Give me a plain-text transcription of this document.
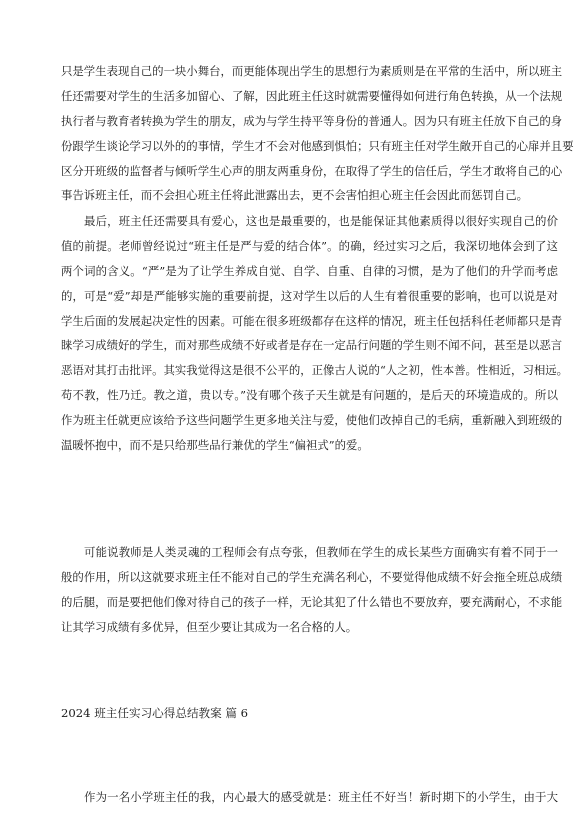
只是学生表现自己的一块小舞台，而更能体现出学生的思想行为素质则是在平常的生活中，所以班主
任还需要对学生的生活多加留心、了解，因此班主任这时就需要懂得如何进行角色转换，从一个法规
执行者与教育者转换为学生的朋友，成为与学生持平等身份的普通人。因为只有班主任放下自己的身
份跟学生谈论学习以外的的事情，学生才不会对他感到惧怕；只有班主任对学生敞开自己的心扉并且要
区分开班级的监督者与倾听学生心声的朋友两重身份，在取得了学生的信任后，学生才敢将自己的心
事告诉班主任，而不会担心班主任将此泄露出去，更不会害怕担心班主任会因此而惩罚自己。
最后，班主任还需要具有爱心，这也是最重要的，也是能保证其他素质得以很好实现自己的价
值的前提。老师曾经说过“班主任是严与爱的结合体”。的确，经过实习之后，我深切地体会到了这
两个词的含义。“严”是为了让学生养成自觉、自学、自重、自律的习惯，是为了他们的升学而考虑
的，可是“爱”却是严能够实施的重要前提，这对学生以后的人生有着很重要的影响，也可以说是对
学生后面的发展起决定性的因素。可能在很多班级都存在这样的情况，班主任包括科任老师都只是青
睐学习成绩好的学生，而对那些成绩不好或者是存在一定品行问题的学生则不闻不问，甚至是以恶言
恶语对其打击批评。其实我觉得这是很不公平的，正像古人说的“人之初，性本善。性相近，习相远。
苟不教，性乃迁。教之道，贵以专。”没有哪个孩子天生就是有问题的，是后天的环境造成的。所以
作为班主任就更应该给予这些问题学生更多地关注与爱，使他们改掉自己的毛病，重新融入到班级的
温暖怀抱中，而不是只给那些品行兼优的学生“偏袒式”的爱。
可能说教师是人类灵魂的工程师会有点夸张，但教师在学生的成长某些方面确实有着不同于一
般的作用，所以这就要求班主任不能对自己的学生充满名利心，不要觉得他成绩不好会拖全班总成绩
的后腿，而是要把他们像对待自己的孩子一样，无论其犯了什么错也不要放弃，要充满耐心，不求能
让其学习成绩有多优异，但至少要让其成为一名合格的人。
2024 班主任实习心得总结教案 篇 6
作为一名小学班主任的我，内心最大的感受就是：班主任不好当！新时期下的小学生，由于大
